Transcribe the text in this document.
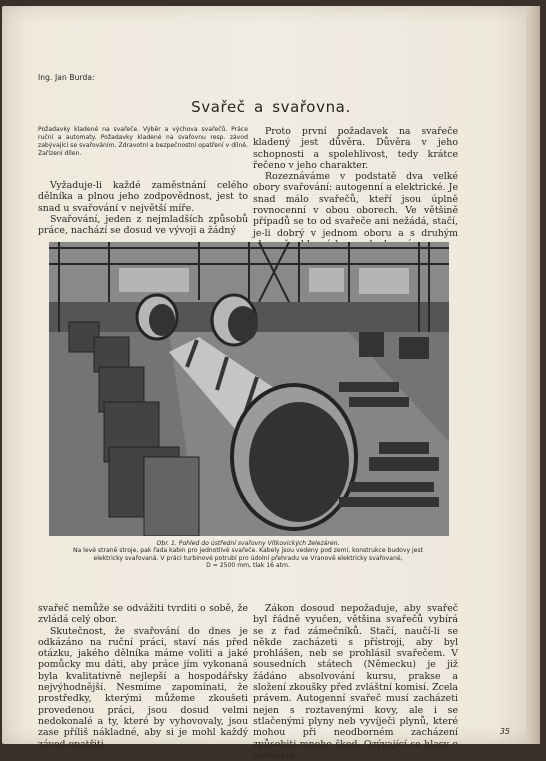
Ing. Jan Burda:
Svařeč a svařovna.
Požadavky kladené na svařeče. Výběr a výchova svařečů. Práce ruční a automaty. Požadavky kladené na svařovnu resp. závod zabývající se svařováním. Zdravotní a bezpečnostní opatření v dílně. Zařízení dílen.

Vyžaduje-li každé zaměstnání celého dělníka a plnou jeho zodpovědnost, jest to snad u svařování v největší míře.

Svařování, jeden z nejmladších způsobů práce, nachází se dosud ve vývoji a žádný

Proto první požadavek na svařeče kladený jest důvěra. Důvěra v jeho schopnosti a spolehlivost, tedy krátce řečeno v jeho charakter.

Rozeznáváme v podstatě dva velké obory svařování: autogenní a elektrické. Je snad málo svařečů, kteří jsou úplně rovnocenní v obou oborech. Ve většině případů se to od svařeče ani nežádá, stačí, je-li dobrý v jednom oboru a s druhým

Obr. 1. Pohled do ústřední svařovny Vítkovických železáren.
Na levé straně stroje, pak řada kabin pro jednotlivé svařeče. Kabely jsou vedeny pod zemí, konstrukce budovy jest
elektricky svařovaná. V práci turbinové potrubí pro údolní přehradu ve Vranově elektricky svařované,
D = 2500 mm, tlak 16 atm.

svařeč nemůže se odvážiti tvrditi o sobě, že zvládá celý obor.

Skutečnost, že svařování do dnes je odkázáno na ruční práci, staví nás před otázku, jakého dělníka máme voliti a jaké pomůcky mu dáti, aby práce jím vykonaná byla kvalitativně nejlepší a hospodářsky nejvýhodnější. Nesmíme zapomínati, že prostředky, kterými můžeme zkoušeti provedenou práci, jsou dosud velmi nedokonalé a ty, které by vyhovovaly, jsou zase příliš nákladné, aby si je mohl každý závod opatřiti.

Zákon dosoud nepožaduje, aby svařeč byl řádně vyučen, většina svařečů vybírá se z řad zámečníků. Stačí, naučí-li se někde zacházeti s přístroji, aby byl prohlášen, neb se prohlásil svařečem. V sousedních státech (Německu) je již žádáno absolvování kursu, prakse a složení zkoušky před zvláštní komisí. Zcela právem. Autogenní svařeč musí zacházeti nejen s roztavenými kovy, ale i se stlačenými plyny neb vyvíječi plynů, které mohou při neodborném zacházení způsobiti mnoho škod. Ozývající se hlasy o zavedení

35
